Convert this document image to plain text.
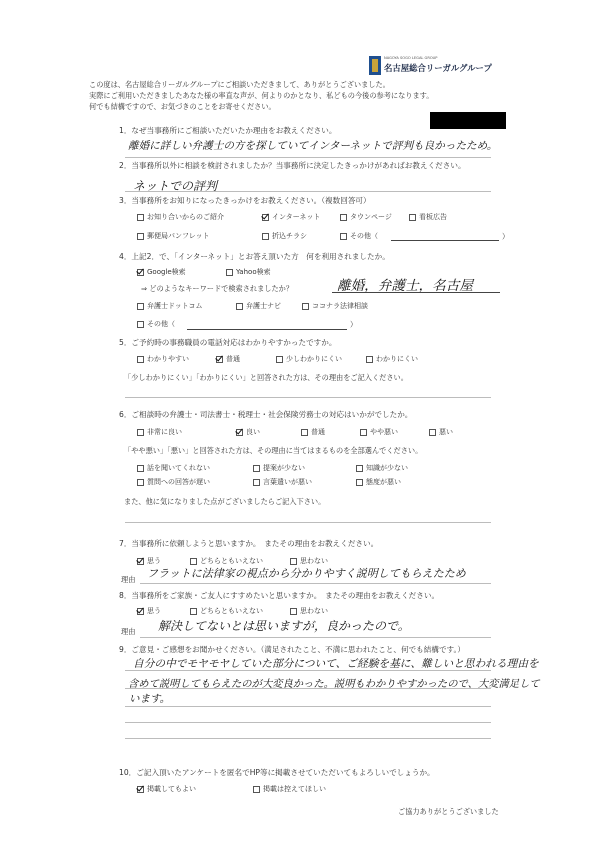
NAGOYA SOGO LEGAL GROUP
名古屋総合リーガルグループ
この度は、名古屋総合リーガルグループにご相談いただきまして、ありがとうございました。
実際にご利用いただきましたあなた様の率直な声が、何よりのかとなり、私どもの今後の参考になります。
何でも結構ですので、お気づきのことをお寄せください。
1．なぜ当事務所にご相談いただいたか理由をお教えください。
離婚に詳しい弁護士の方を探していてインターネットで評判も良かったため。
2．当事務所以外に相談を検討されましたか？当事務所に決定したきっかけがあればお教えください。
ネットでの評判
3．当事務所をお知りになったきっかけをお教えください。（複数回答可）
お知り合いからのご紹介	インターネット	タウンページ	看板広告
郵便局パンフレット	折込チラシ	その他（	）
4．上記2．で、「インターネット」とお答え頂いた方　何を利用されましたか。
Google検索	Yahoo検索
⇒ どのようなキーワードで検索されましたか？	離婚，弁護士，名古屋
弁護士ドットコム	弁護士ナビ	ココナラ法律相談
その他（	）
5．ご予約時の事務職員の電話対応はわかりやすかったですか。
わかりやすい	普通	少しわかりにくい	わかりにくい
「少しわかりにくい」「わかりにくい」と回答された方は、その理由をご記入ください。
6．ご相談時の弁護士・司法書士・税理士・社会保険労務士の対応はいかがでしたか。
非常に良い	良い	普通	やや悪い	悪い
「やや悪い」「悪い」と回答された方は、その理由に当てはまるものを全部選んでください。
話を聞いてくれない	提案が少ない	知識が少ない
質問への回答が遅い	言葉遣いが悪い	態度が悪い
また、他に気になりました点がございましたらご記入下さい。
7．当事務所に依頼しようと思いますか。　またその理由をお教えください。
思う	どちらともいえない	思わない
理由 フラットに法律家の視点から分かりやすく説明してもらえたため
8．当事務所をご家族・ご友人にすすめたいと思いますか。　またその理由をお教えください。
思う	どちらともいえない	思わない
理由 解決してないとは思いますが，良かったので。
9．ご意見・ご感想をお聞かせください。（満足されたこと、不満に思われたこと、何でも結構です。）
自分の中でモヤモヤしていた部分について、ご経験を基に、難しいと思われる理由を
含めて説明してもらえたのが大変良かった。説明もわかりやすかったので、大変満足して
います。
10．ご記入頂いたアンケートを匿名でHP等に掲載させていただいてもよろしいでしょうか。
掲載してもよい	掲載は控えてほしい
ご協力ありがとうございました
